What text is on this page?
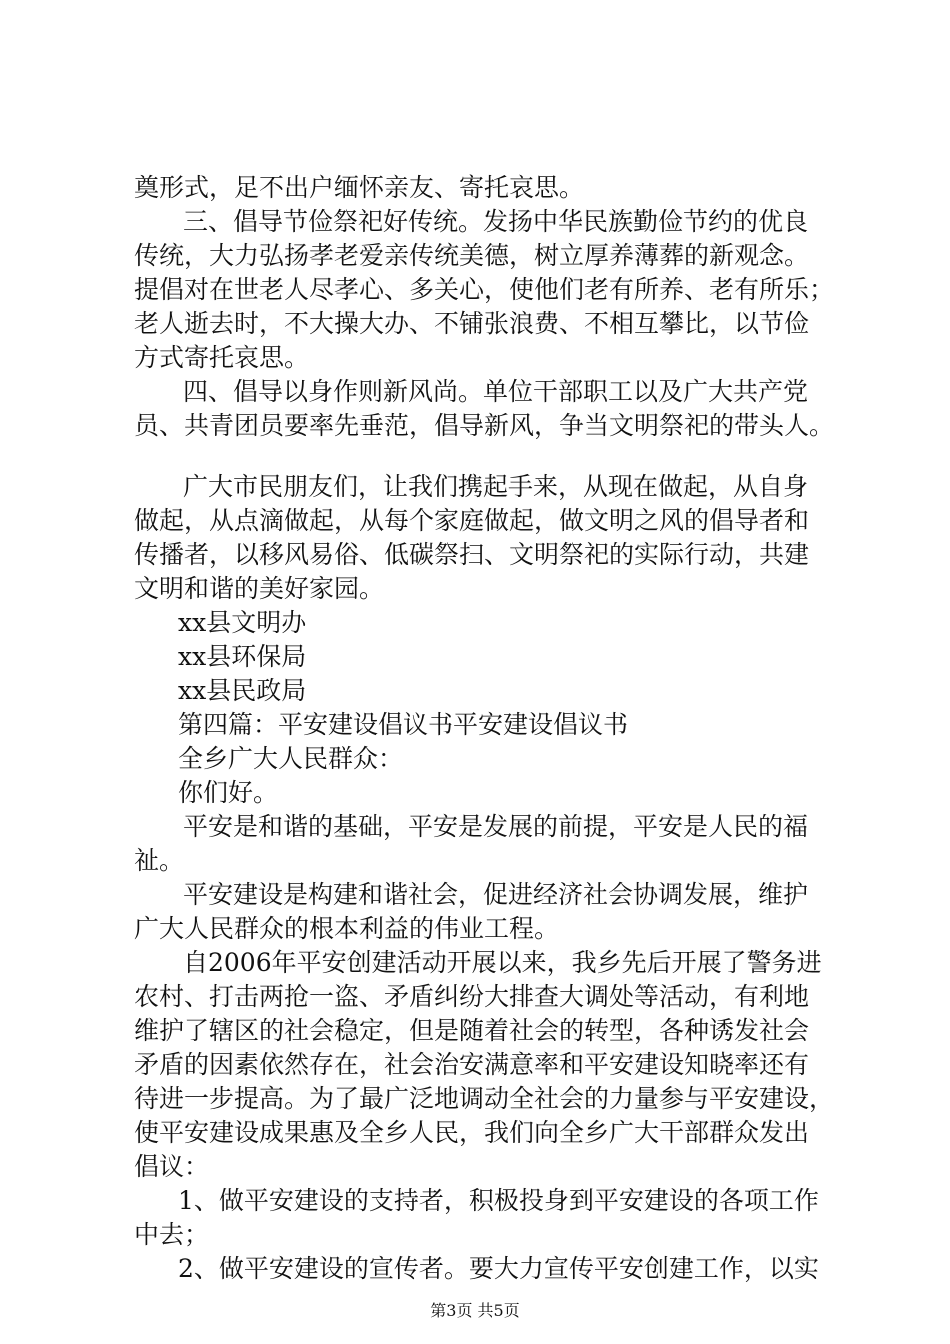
奠形式，足不出户缅怀亲友、寄托哀思。

三、倡导节俭祭祀好传统。发扬中华民族勤俭节约的优良

传统，大力弘扬孝老爱亲传统美德，树立厚养薄葬的新观念。

提倡对在世老人尽孝心、多关心，使他们老有所养、老有所乐；

老人逝去时，不大操大办、不铺张浪费、不相互攀比，以节俭

方式寄托哀思。

四、倡导以身作则新风尚。单位干部职工以及广大共产党

员、共青团员要率先垂范，倡导新风，争当文明祭祀的带头人。

广大市民朋友们，让我们携起手来，从现在做起，从自身

做起，从点滴做起，从每个家庭做起，做文明之风的倡导者和

传播者，以移风易俗、低碳祭扫、文明祭祀的实际行动，共建

文明和谐的美好家园。

xx县文明办

xx县环保局

xx县民政局

第四篇：平安建设倡议书平安建设倡议书

全乡广大人民群众：

你们好。

平安是和谐的基础，平安是发展的前提，平安是人民的福

祉。

平安建设是构建和谐社会，促进经济社会协调发展，维护

广大人民群众的根本利益的伟业工程。

自2006年平安创建活动开展以来，我乡先后开展了警务进

农村、打击两抢一盗、矛盾纠纷大排查大调处等活动，有利地

维护了辖区的社会稳定，但是随着社会的转型，各种诱发社会

矛盾的因素依然存在，社会治安满意率和平安建设知晓率还有

待进一步提高。为了最广泛地调动全社会的力量参与平安建设，

使平安建设成果惠及全乡人民，我们向全乡广大干部群众发出

倡议：

1、做平安建设的支持者，积极投身到平安建设的各项工作

中去；

2、做平安建设的宣传者。要大力宣传平安创建工作，以实

第3页 共5页
